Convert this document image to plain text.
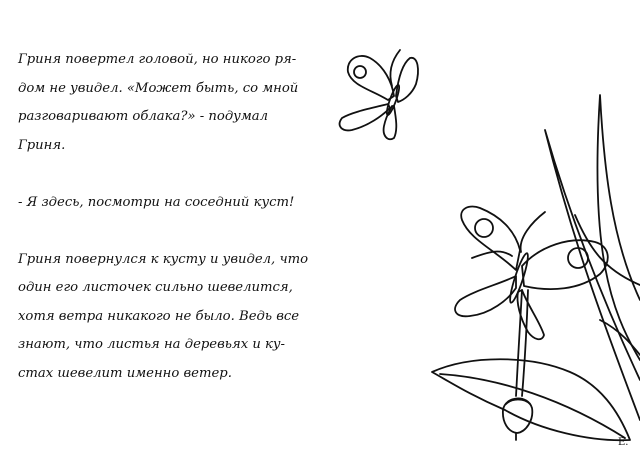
Гриня повертел головой, но никого ря-

дом не увидел. «Может быть, со мной

разговаривают облака?» - подумал

Гриня.

- Я здесь, посмотри на соседний куст!

Гриня повернулся к кусту и увидел, что

один его листочек сильно шевелится,

хотя ветра никакого не было. Ведь все

знают, что листья на деревьях и ку-

стах шевелит именно ветер.

E.
